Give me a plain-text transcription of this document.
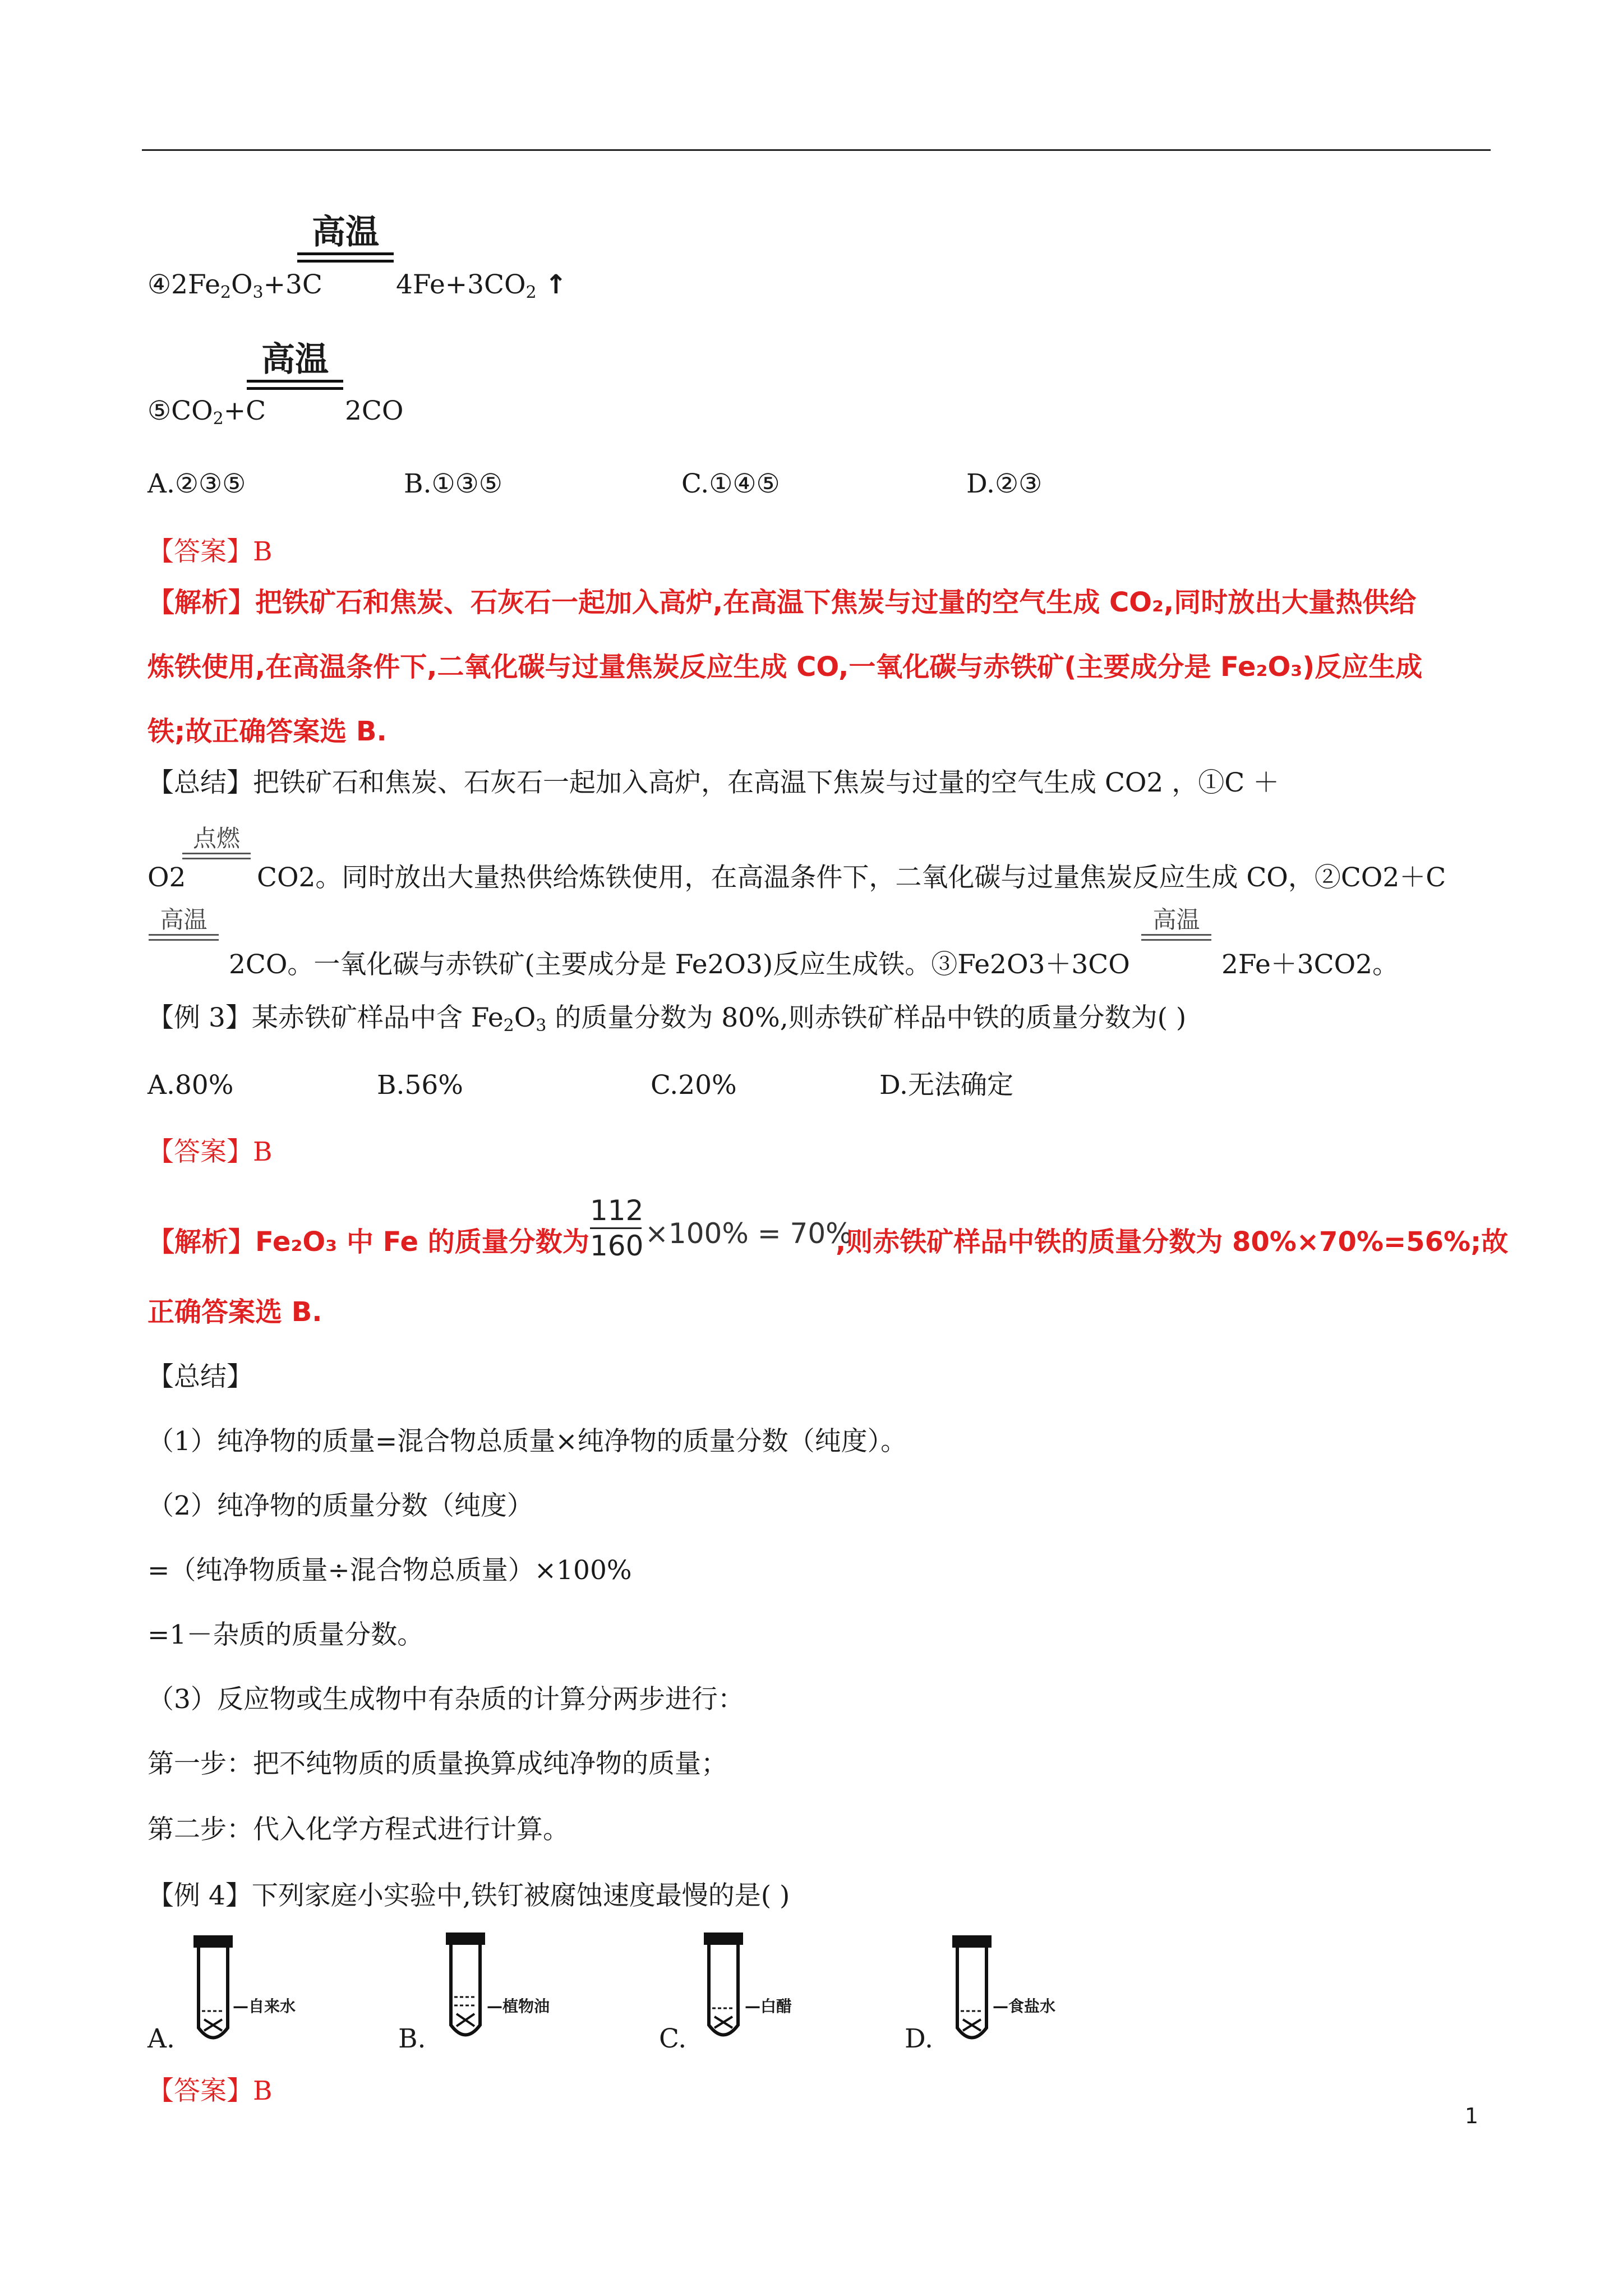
高温
$④2Fe_2O_3+3C$	$4Fe+3CO_2$ ↑
高温
$⑤CO_2+C$	2CO
A.②③⑤	B.①③⑤	C.①④⑤	D.②③
【答案】B
【解析】把铁矿石和焦炭、石灰石一起加入高炉,在高温下焦炭与过量的空气生成 CO₂,同时放出大量热供给
炼铁使用,在高温条件下,二氧化碳与过量焦炭反应生成 CO,一氧化碳与赤铁矿(主要成分是 Fe₂O₃)反应生成
铁;故正确答案选 B.
【总结】把铁矿石和焦炭、石灰石一起加入高炉，在高温下焦炭与过量的空气生成 CO2 ，①C ＋
O2
点燃
CO2。同时放出大量热供给炼铁使用，在高温条件下，二氧化碳与过量焦炭反应生成 CO，②CO2＋C
高温
2CO。一氧化碳与赤铁矿(主要成分是 Fe2O3)反应生成铁。③Fe2O3＋3CO
高温
2Fe＋3CO2。
【例 3】某赤铁矿样品中含 $Fe_2O_3$ 的质量分数为 80%,则赤铁矿样品中铁的质量分数为( )
A.80%	B.56%	C.20%	D.无法确定
【答案】B
【解析】Fe₂O₃ 中 Fe 的质量分数为
112
160 ×100% = 70%
,则赤铁矿样品中铁的质量分数为 80%×70%=56%;故
正确答案选 B.
【总结】
（1）纯净物的质量=混合物总质量×纯净物的质量分数（纯度）。
（2）纯净物的质量分数（纯度）
=（纯净物质量÷混合物总质量）×100%
=1－杂质的质量分数。
（3）反应物或生成物中有杂质的计算分两步进行：
第一步：把不纯物质的质量换算成纯净物的质量；
第二步：代入化学方程式进行计算。
【例 4】下列家庭小实验中,铁钉被腐蚀速度最慢的是( )
A.
—自来水
B.
—植物油
C.
—白醋
D.
—食盐水
【答案】B
1
